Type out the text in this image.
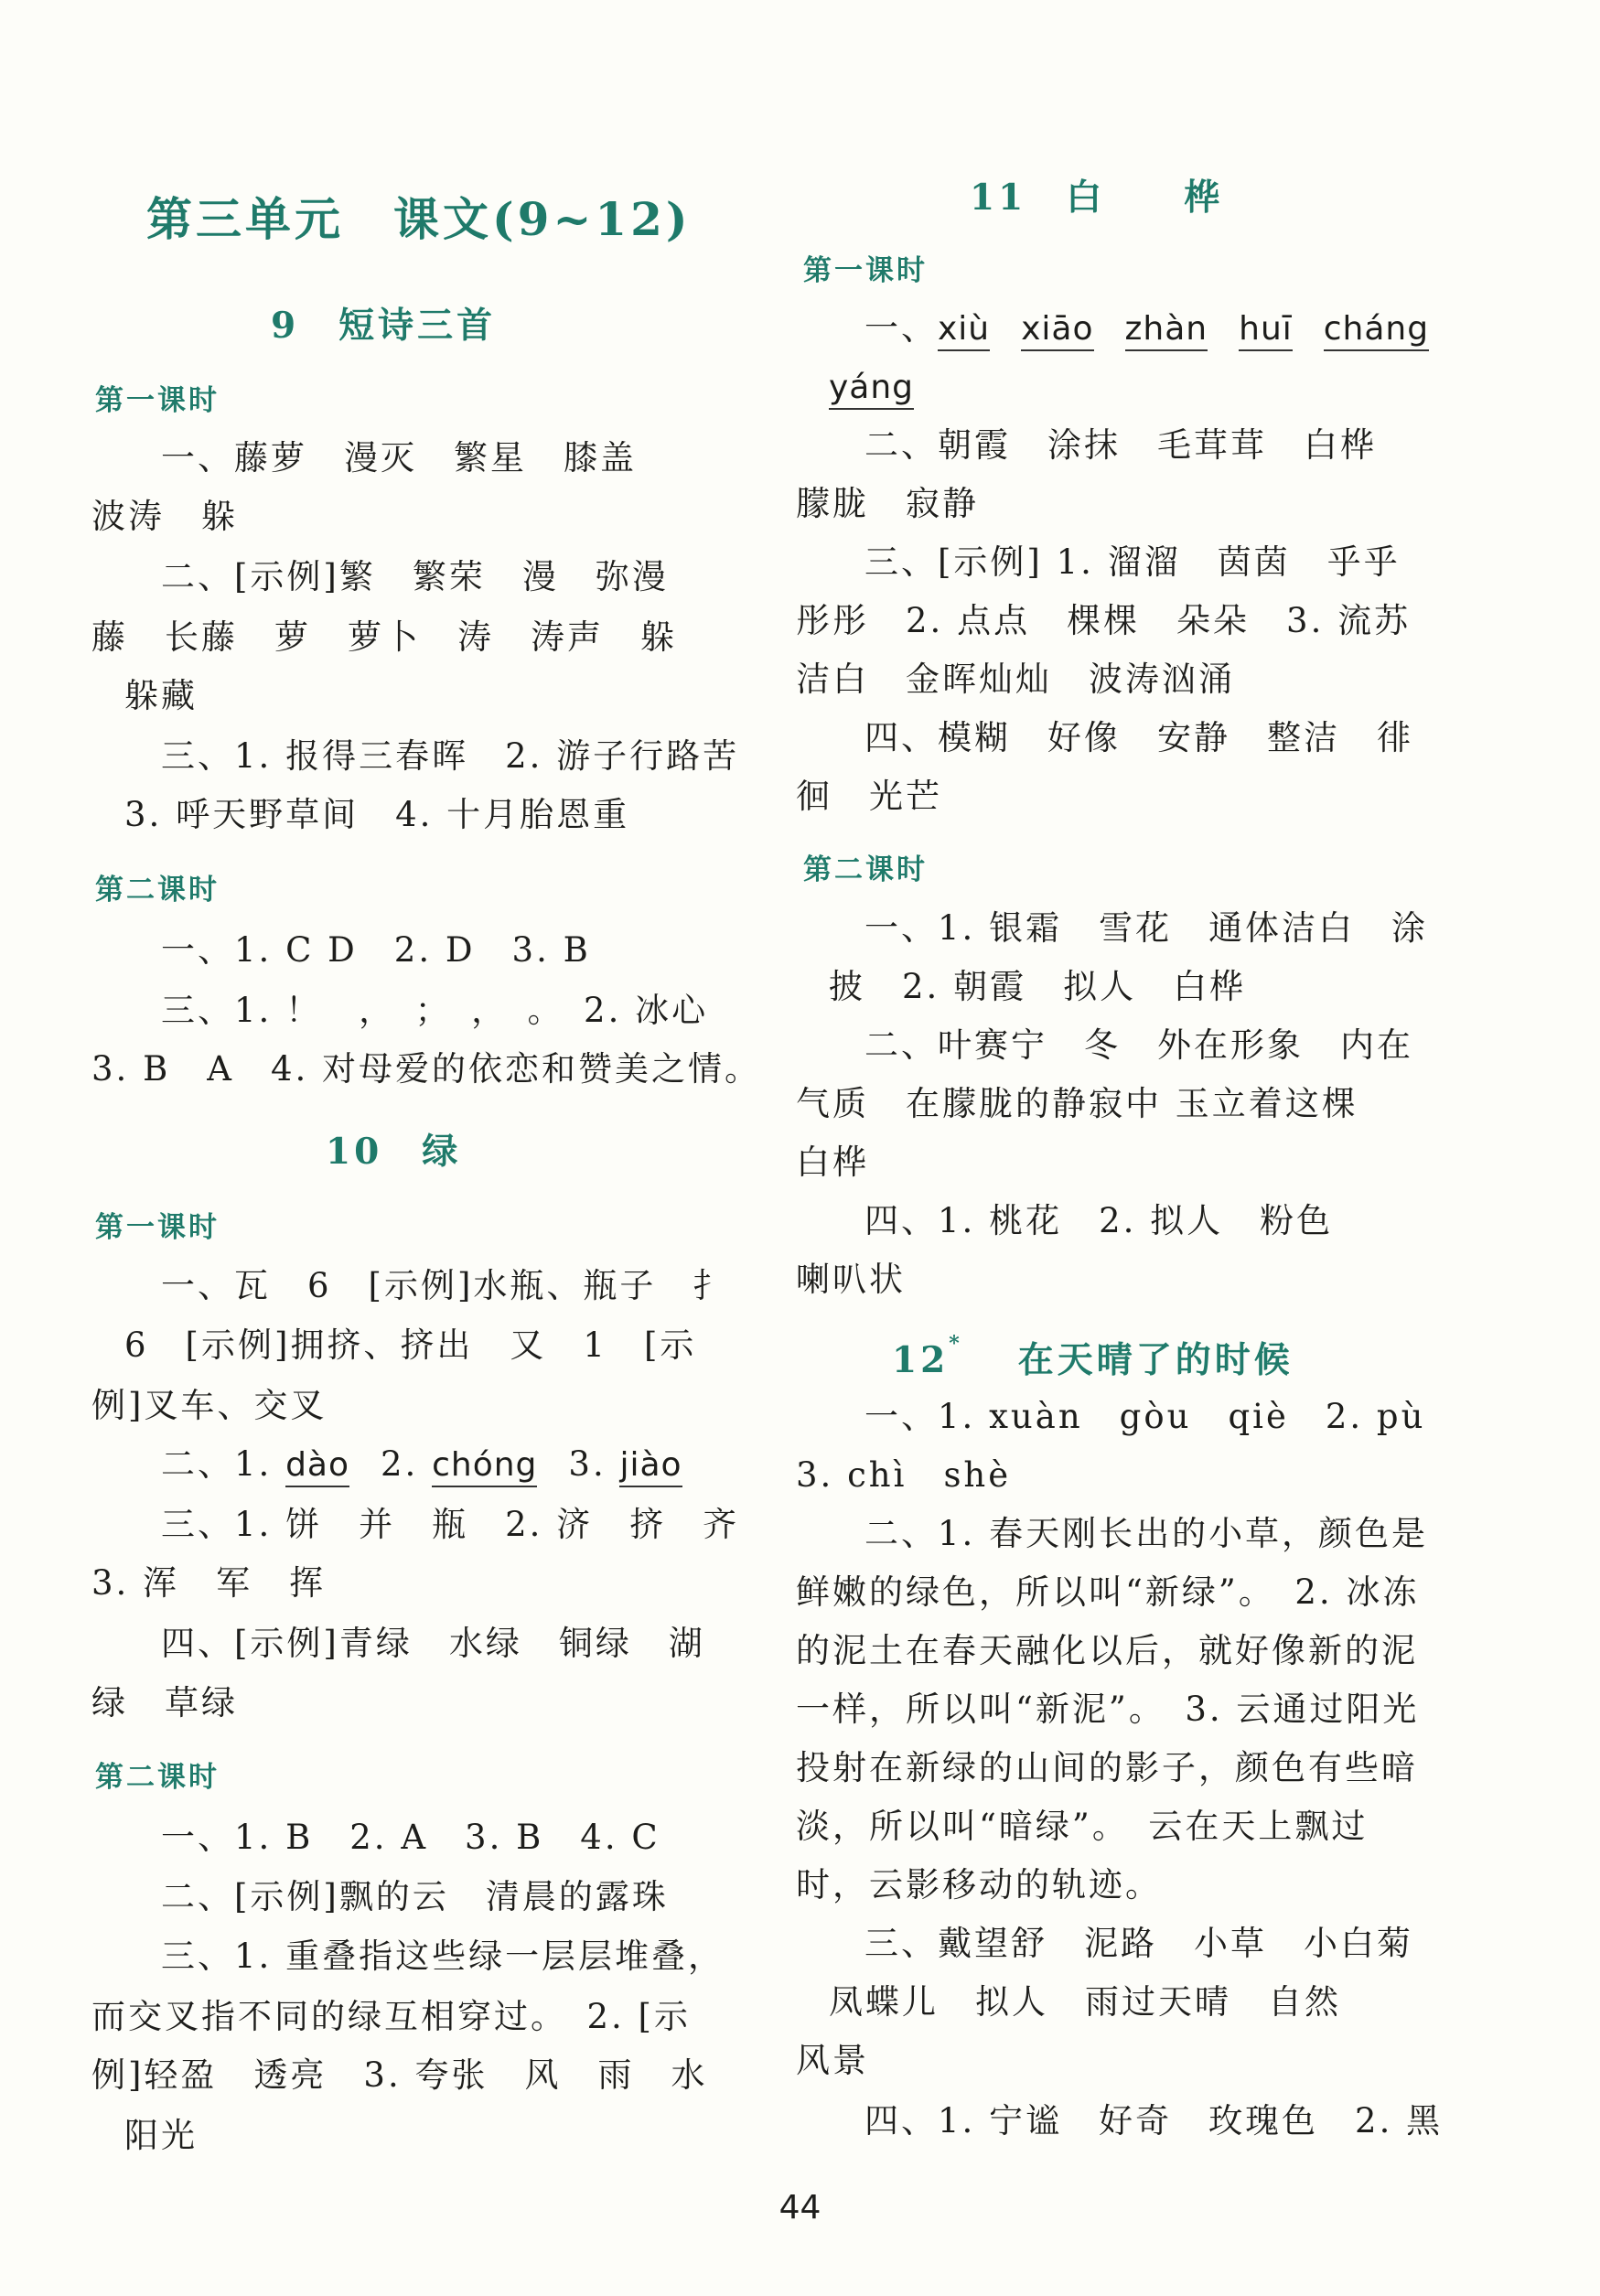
第三单元　课文(9~12)
9　短诗三首
第一课时
一、藤萝　漫灭　繁星　膝盖
波涛　躲
二、[示例]繁　繁荣　漫　弥漫
藤　长藤　萝　萝卜　涛　涛声　躲
躲藏
三、1. 报得三春晖　2. 游子行路苦
3. 呼天野草间　4. 十月胎恩重
第二课时
一、1. C D　2. D　3. B
三、1. ！　，　；　，　。　2. 冰心
3. B　A　4. 对母爱的依恋和赞美之情。
10　绿
第一课时
一、瓦　6　[示例]水瓶、瓶子　扌
6　[示例]拥挤、挤出　又　1　[示
例]叉车、交叉
二、1. dào 2. chóng 3. jiào
三、1. 饼　并　瓶　2. 济　挤　齐
3. 浑　军　挥
四、[示例]青绿　水绿　铜绿　湖
绿　草绿
第二课时
一、1. B　2. A　3. B　4. C
二、[示例]飘的云　清晨的露珠
三、1. 重叠指这些绿一层层堆叠，
而交叉指不同的绿互相穿过。　2. [示
例]轻盈　透亮　3. 夸张　风　雨　水
阳光
11　白　　桦
第一课时
一、xiù xiāo zhàn huī cháng
yáng
二、朝霞　涂抹　毛茸茸　白桦
朦胧　寂静
三、[示例] 1. 溜溜　茵茵　乎乎
彤彤　2. 点点　棵棵　朵朵　3. 流苏
洁白　金晖灿灿　波涛汹涌
四、模糊　好像　安静　整洁　徘
徊　光芒
第二课时
一、1. 银霜　雪花　通体洁白　涂
披　2. 朝霞　拟人　白桦
二、叶赛宁　冬　外在形象　内在
气质　在朦胧的静寂中 玉立着这棵
白桦
四、1. 桃花　2. 拟人　粉色
喇叭状
12* 在天晴了的时候
一、1. xuàn　gòu　qiè　2. pù
3. chì　shè
二、1. 春天刚长出的小草，颜色是
鲜嫩的绿色，所以叫“新绿”。　2. 冰冻
的泥土在春天融化以后，就好像新的泥
一样，所以叫“新泥”。　3. 云通过阳光
投射在新绿的山间的影子，颜色有些暗
淡，所以叫“暗绿”。　云在天上飘过
时，云影移动的轨迹。
三、戴望舒　泥路　小草　小白菊
凤蝶儿　拟人　雨过天晴　自然
风景
四、1. 宁谧　好奇　玫瑰色　2. 黑
44
